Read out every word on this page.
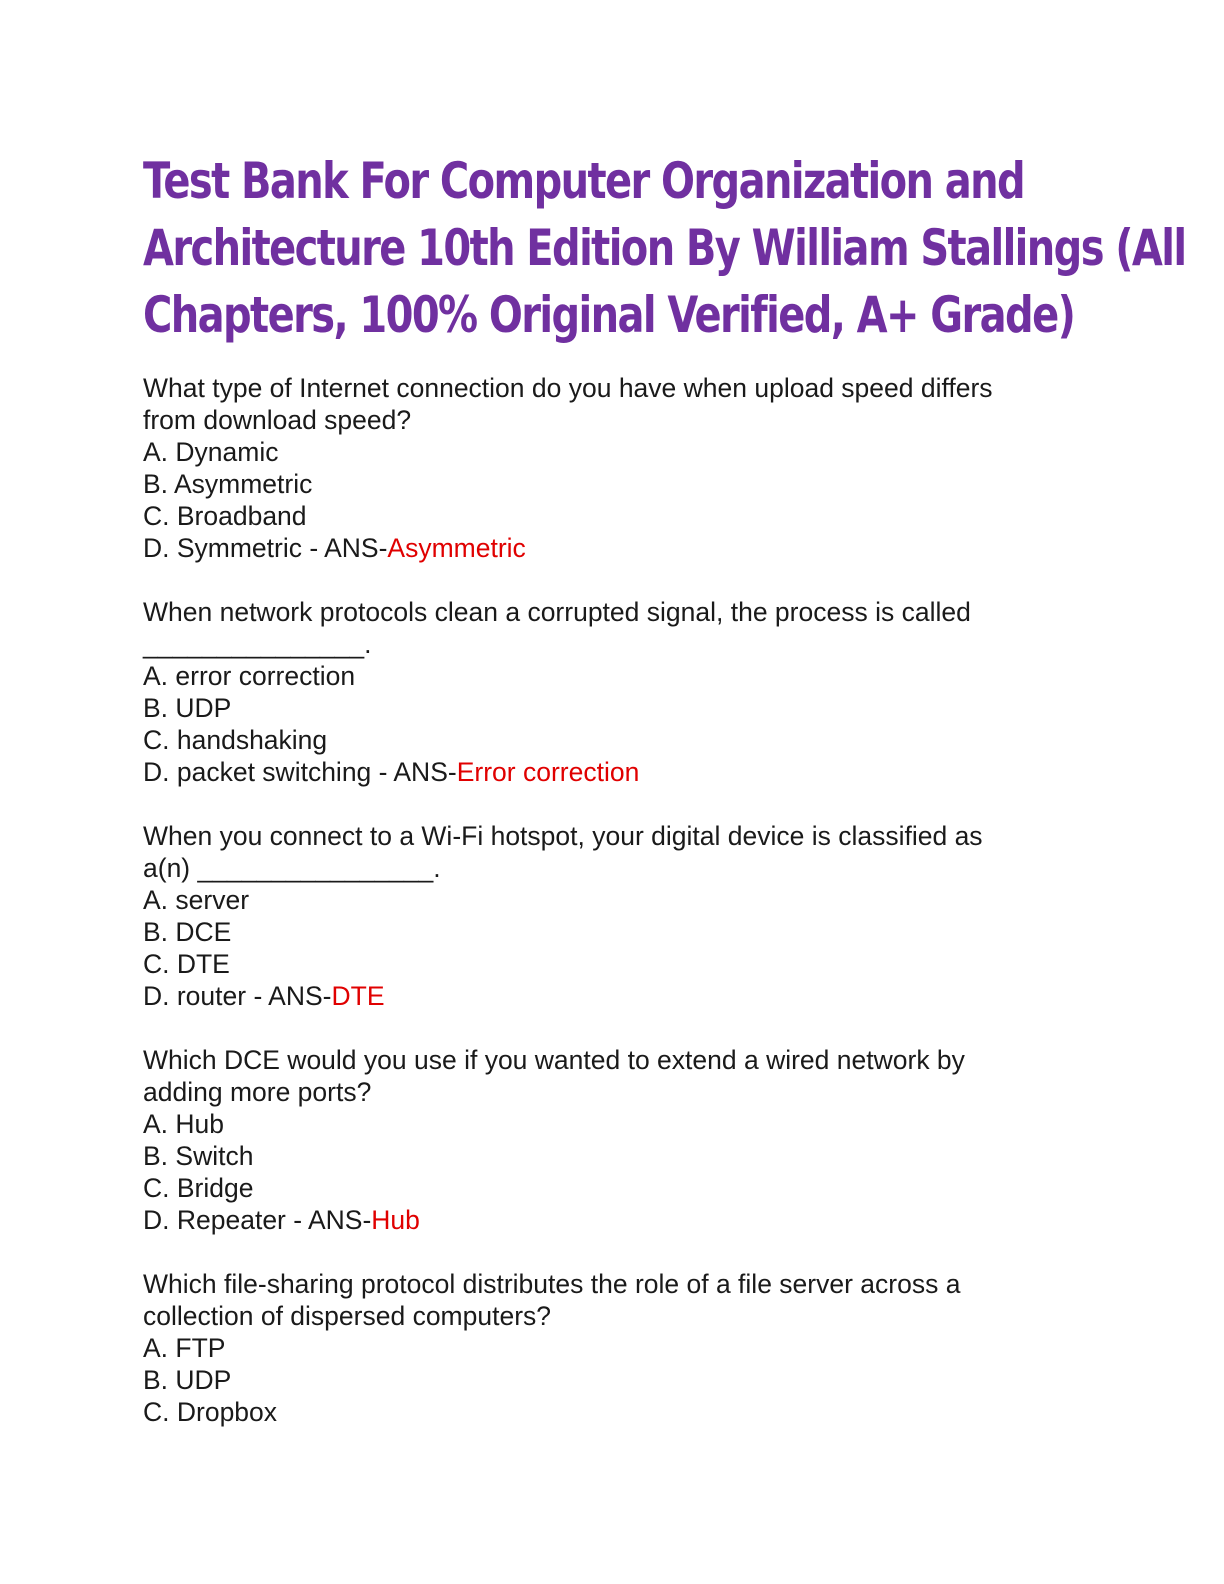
Test Bank For Computer Organization and
Architecture 10th Edition By William Stallings (All
Chapters, 100% Original Verified, A+ Grade)
What type of Internet connection do you have when upload speed differs
from download speed?
A. Dynamic
B. Asymmetric
C. Broadband
D. Symmetric - ANS-Asymmetric
When network protocols clean a corrupted signal, the process is called
_______________.
A. error correction
B. UDP
C. handshaking
D. packet switching - ANS-Error correction
When you connect to a Wi-Fi hotspot, your digital device is classified as
a(n) ________________.
A. server
B. DCE
C. DTE
D. router - ANS-DTE
Which DCE would you use if you wanted to extend a wired network by
adding more ports?
A. Hub
B. Switch
C. Bridge
D. Repeater - ANS-Hub
Which file-sharing protocol distributes the role of a file server across a
collection of dispersed computers?
A. FTP
B. UDP
C. Dropbox
